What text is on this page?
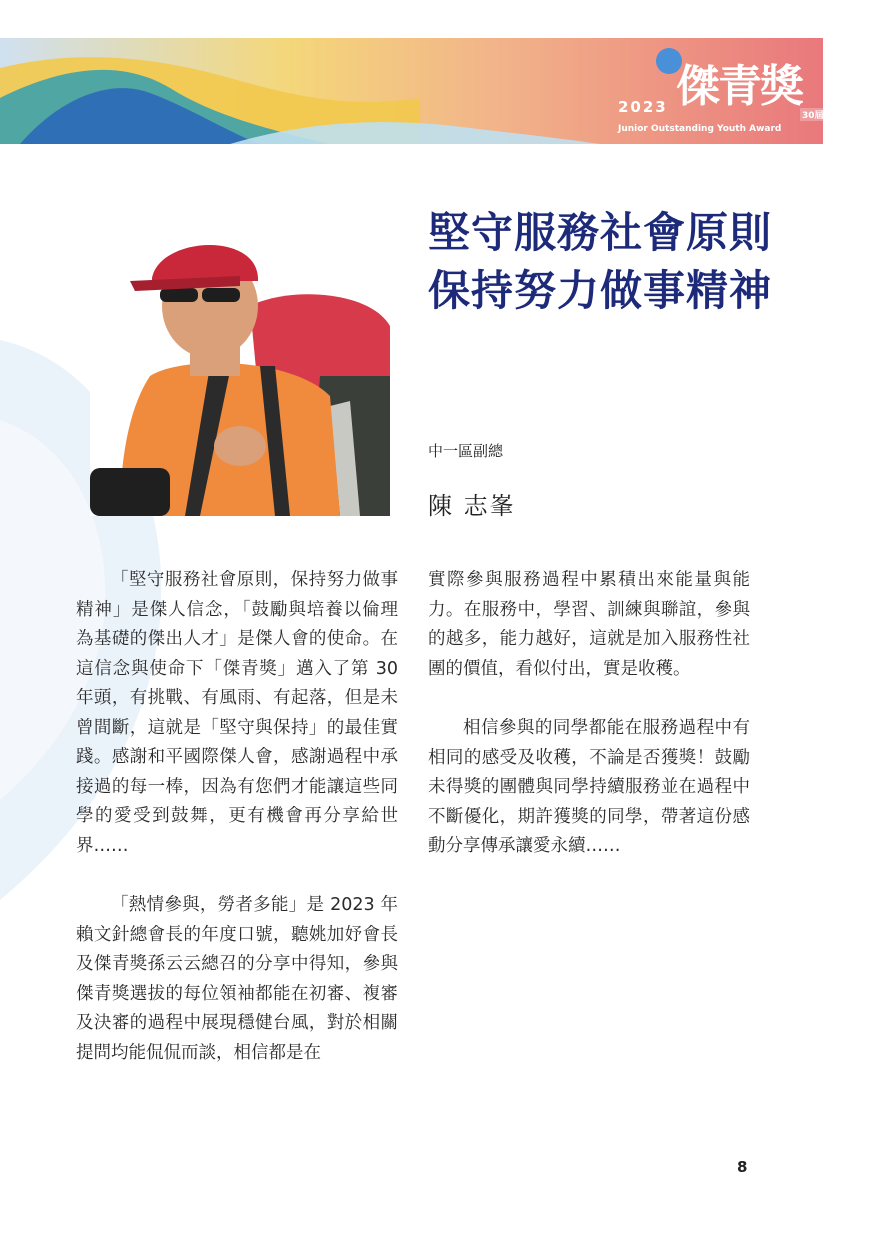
2023 傑青獎
30屆
Junior Outstanding Youth Award
堅守服務社會原則
保持努力做事精神
中一區副總
陳 志峯

「堅守服務社會原則，保持努力做事精神」是傑人信念，「鼓勵與培養以倫理為基礎的傑出人才」是傑人會的使命。在這信念與使命下「傑青獎」邁入了第 30 年頭，有挑戰、有風雨、有起落，但是未曾間斷，這就是「堅守與保持」的最佳實踐。感謝和平國際傑人會，感謝過程中承接過的每一棒，因為有您們才能讓這些同學的愛受到鼓舞，更有機會再分享給世界……

「熱情參與，勞者多能」是 2023 年賴文針總會長的年度口號，聽姚加妤會長及傑青獎孫云云總召的分享中得知，參與傑青獎選拔的每位領袖都能在初審、複審及決審的過程中展現穩健台風，對於相關提問均能侃侃而談，相信都是在

實際參與服務過程中累積出來能量與能力。在服務中，學習、訓練與聯誼，參與的越多，能力越好，這就是加入服務性社團的價值，看似付出，實是收穫。

相信參與的同學都能在服務過程中有相同的感受及收穫，不論是否獲獎！鼓勵未得獎的團體與同學持續服務並在過程中不斷優化，期許獲獎的同學，帶著這份感動分享傳承讓愛永續……

8
